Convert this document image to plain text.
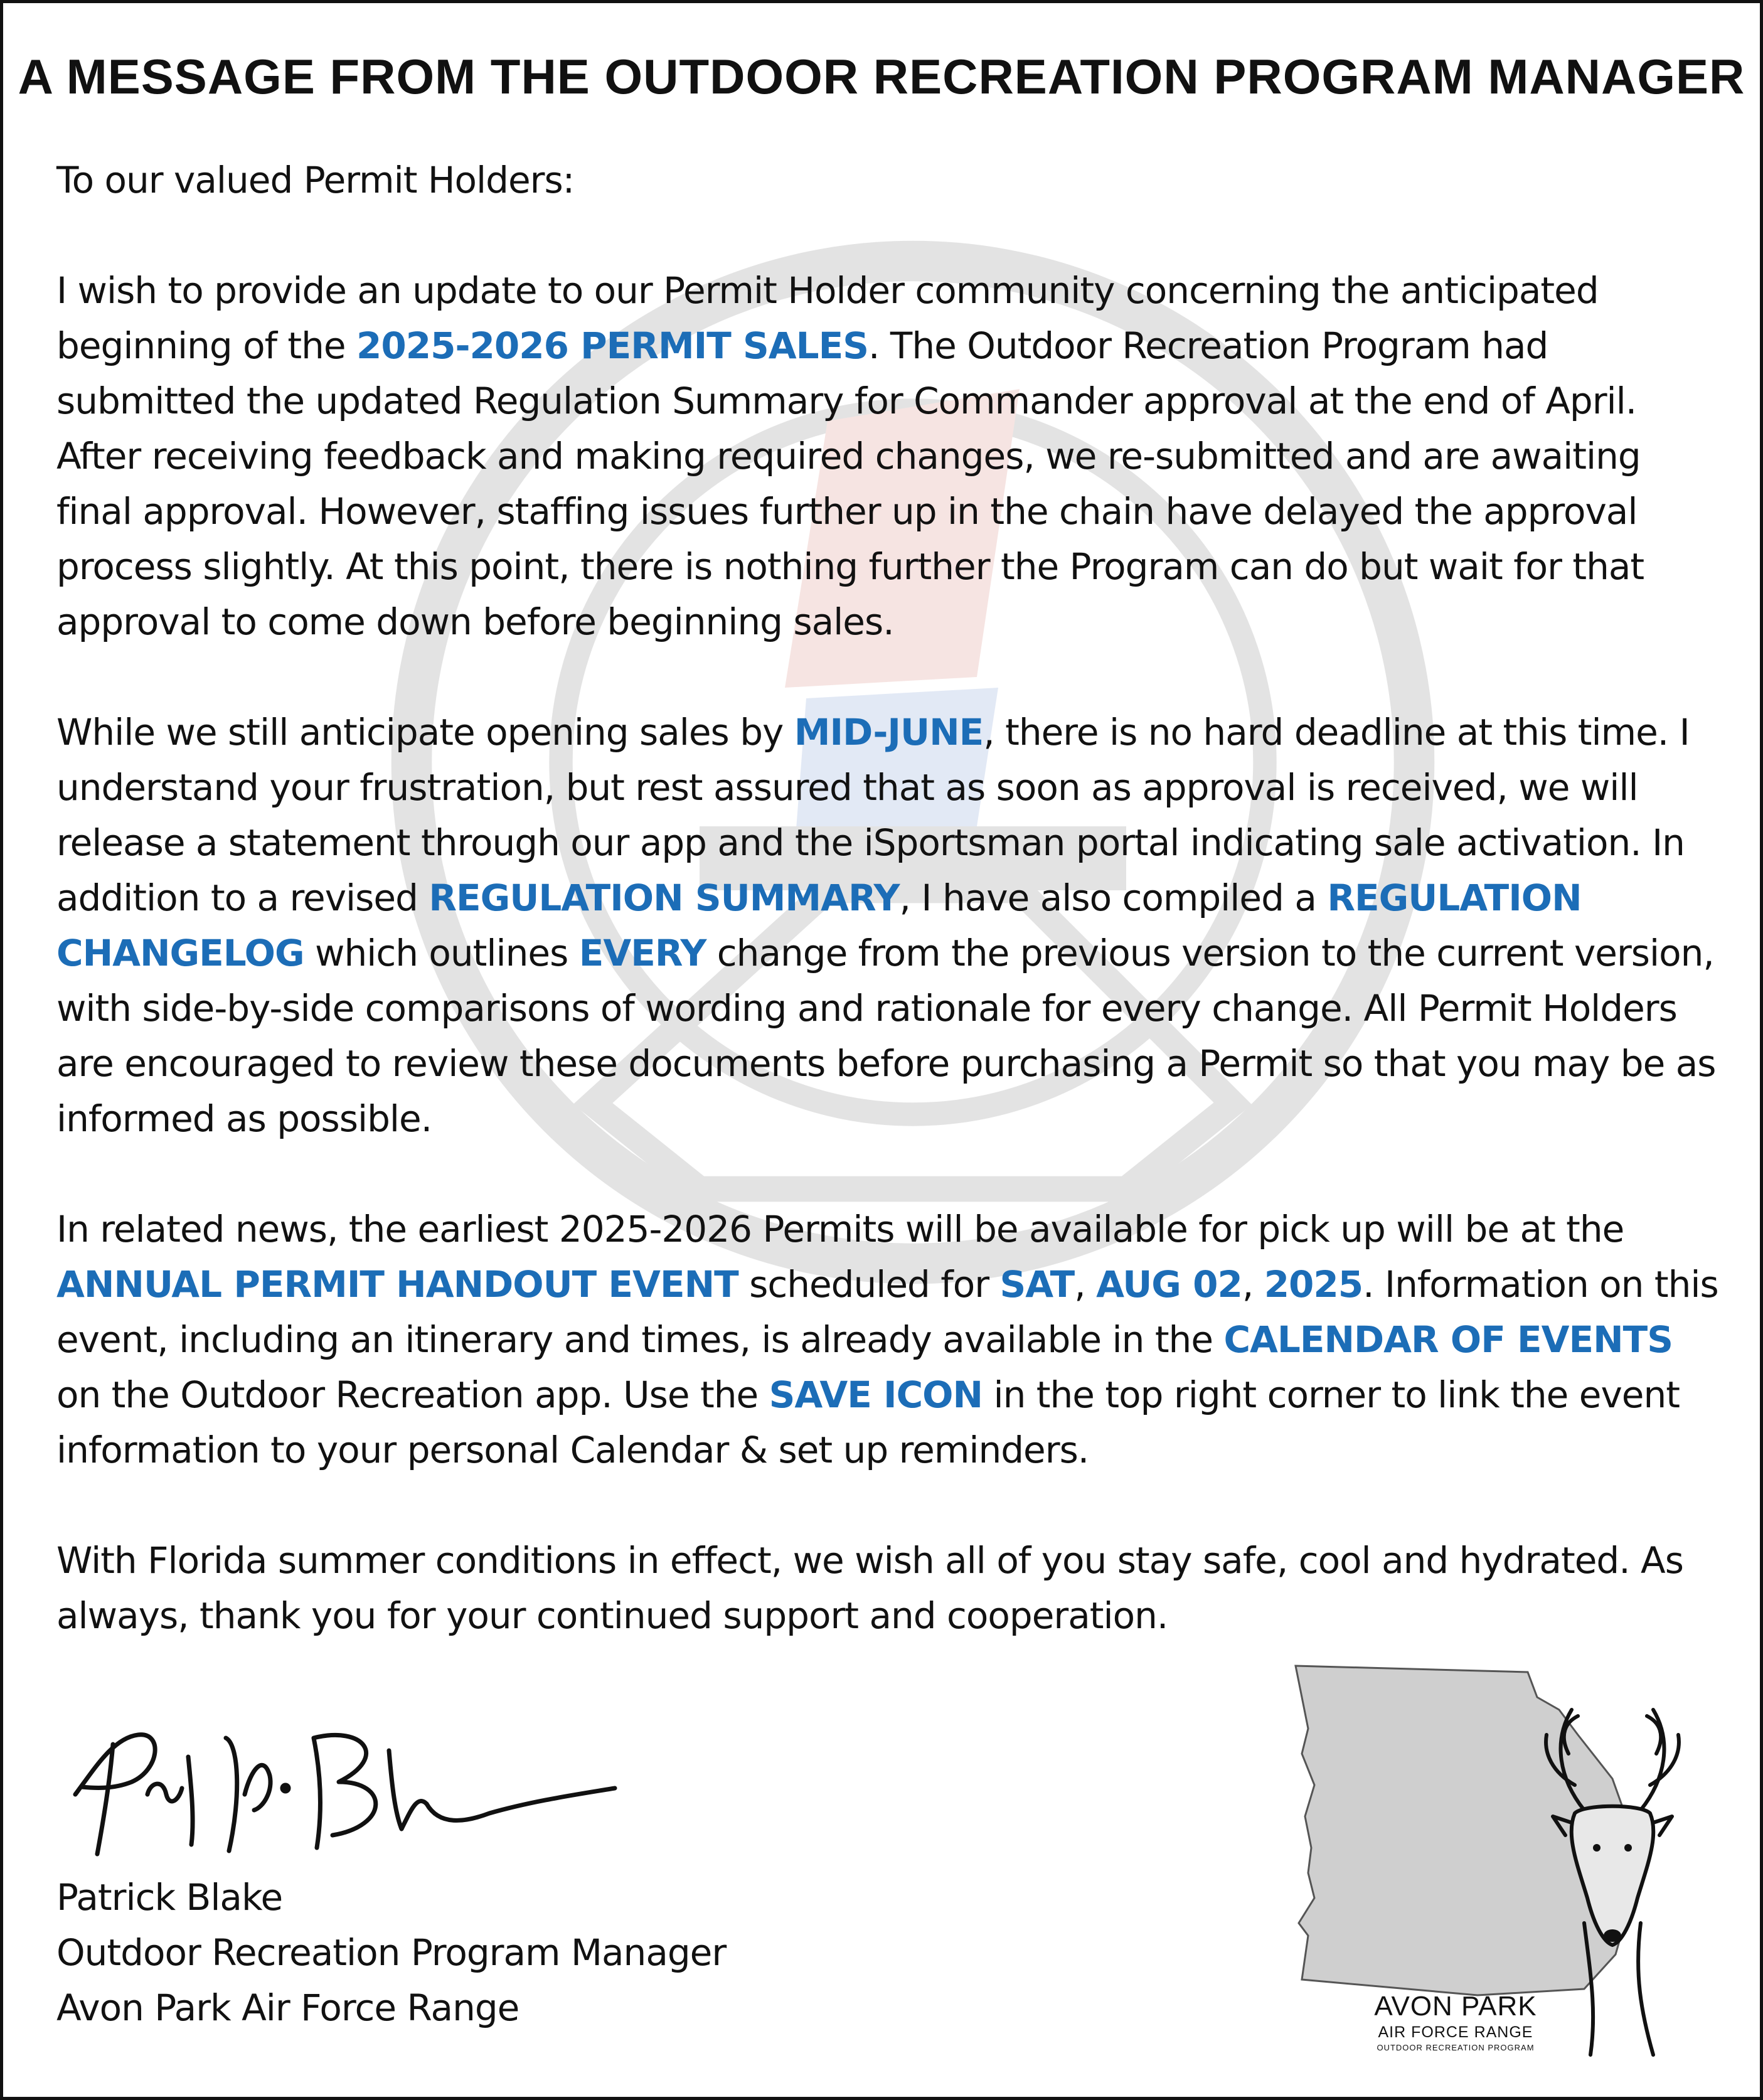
A MESSAGE FROM THE OUTDOOR RECREATION PROGRAM MANAGER

To our valued Permit Holders:

I wish to provide an update to our Permit Holder community concerning the anticipated beginning of the 2025-2026 PERMIT SALES. The Outdoor Recreation Program had submitted the updated Regulation Summary for Commander approval at the end of April. After receiving feedback and making required changes, we re-submitted and are awaiting final approval. However, staffing issues further up in the chain have delayed the approval process slightly. At this point, there is nothing further the Program can do but wait for that approval to come down before beginning sales.

While we still anticipate opening sales by MID-JUNE, there is no hard deadline at this time. I understand your frustration, but rest assured that as soon as approval is received, we will release a statement through our app and the iSportsman portal indicating sale activation. In addition to a revised REGULATION SUMMARY, I have also compiled a REGULATION CHANGELOG which outlines EVERY change from the previous version to the current version, with side-by-side comparisons of wording and rationale for every change. All Permit Holders are encouraged to review these documents before purchasing a Permit so that you may be as informed as possible.

In related news, the earliest 2025-2026 Permits will be available for pick up will be at the ANNUAL PERMIT HANDOUT EVENT scheduled for SAT, AUG 02, 2025. Information on this event, including an itinerary and times, is already available in the CALENDAR OF EVENTS on the Outdoor Recreation app. Use the SAVE ICON in the top right corner to link the event information to your personal Calendar & set up reminders.

With Florida summer conditions in effect, we wish all of you stay safe, cool and hydrated. As always, thank you for your continued support and cooperation.

Patrick Blake
Outdoor Recreation Program Manager
Avon Park Air Force Range	AVON PARK
AIR FORCE RANGE
OUTDOOR RECREATION PROGRAM
